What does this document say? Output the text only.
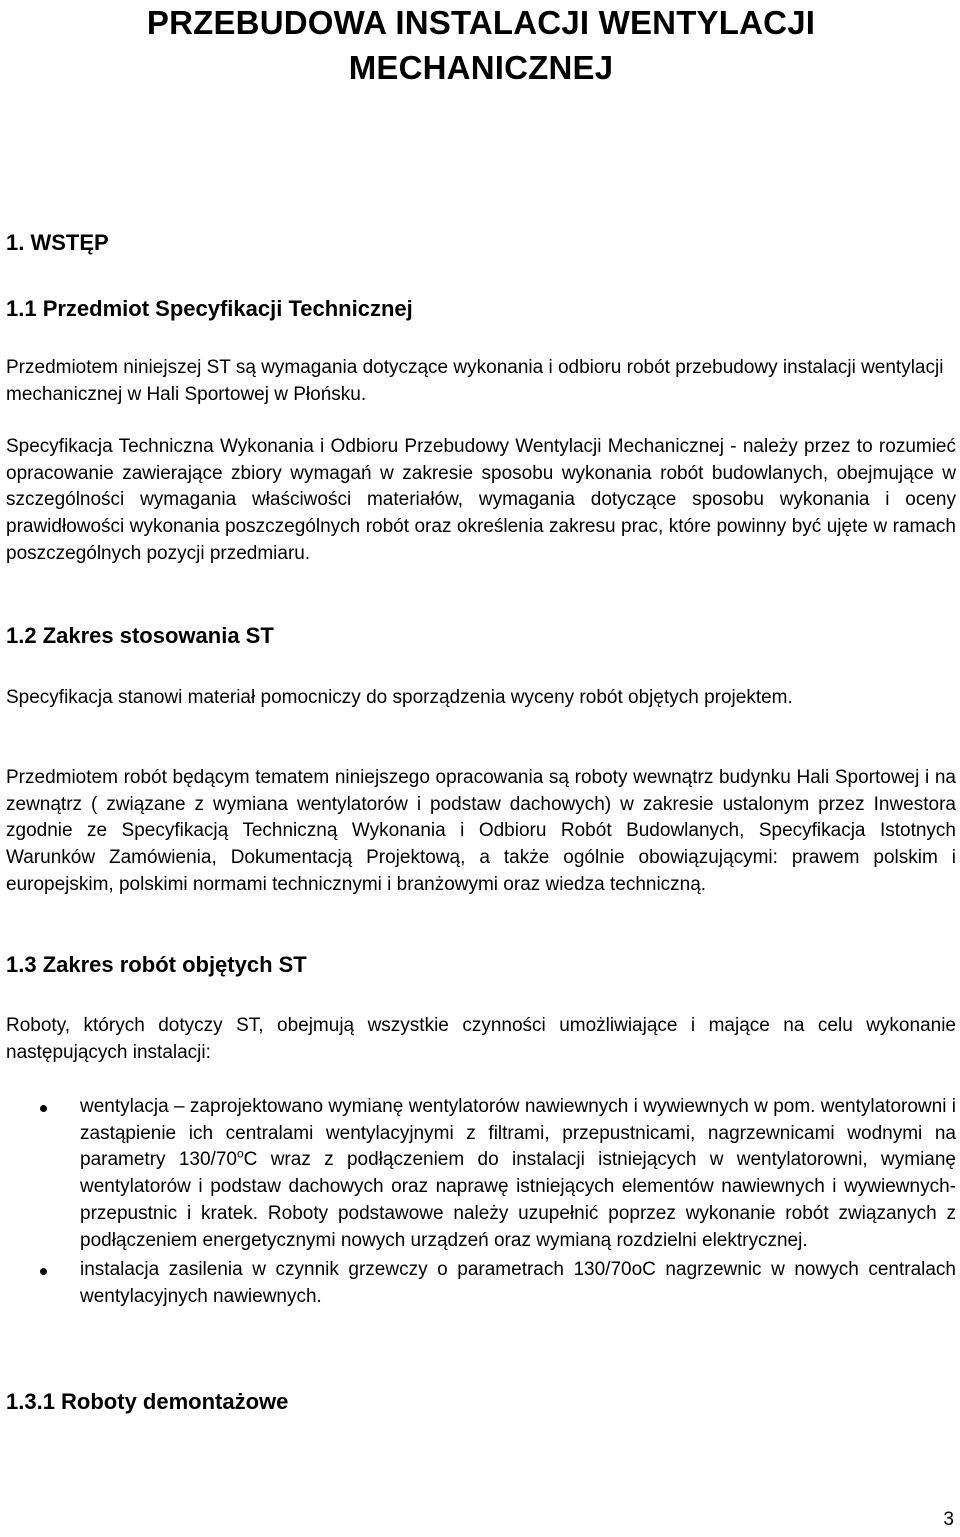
PRZEBUDOWA INSTALACJI WENTYLACJI MECHANICZNEJ
1. WSTĘP
1.1 Przedmiot Specyfikacji Technicznej

Przedmiotem niniejszej ST są wymagania dotyczące wykonania i odbioru robót przebudowy instalacji wentylacji mechanicznej w Hali Sportowej w Płońsku.

Specyfikacja Techniczna Wykonania i Odbioru Przebudowy Wentylacji Mechanicznej - należy przez to rozumieć opracowanie zawierające zbiory wymagań w zakresie sposobu wykonania robót budowlanych, obejmujące w szczególności wymagania właściwości materiałów, wymagania dotyczące sposobu wykonania i oceny prawidłowości wykonania poszczególnych robót oraz określenia zakresu prac, które powinny być ujęte w ramach poszczególnych pozycji przedmiaru.

1.2 Zakres stosowania ST

Specyfikacja stanowi materiał pomocniczy do sporządzenia wyceny robót objętych projektem.

Przedmiotem robót będącym tematem niniejszego opracowania są roboty wewnątrz budynku Hali Sportowej i na zewnątrz ( związane z wymiana wentylatorów i podstaw dachowych) w zakresie ustalonym przez Inwestora zgodnie ze Specyfikacją Techniczną Wykonania i Odbioru Robót Budowlanych, Specyfikacja Istotnych Warunków Zamówienia, Dokumentacją Projektową, a także ogólnie obowiązującymi: prawem polskim i europejskim, polskimi normami technicznymi i branżowymi oraz wiedza techniczną.

1.3 Zakres robót objętych ST

Roboty, których dotyczy ST, obejmują wszystkie czynności umożliwiające i mające na celu wykonanie następujących instalacji:

wentylacja – zaprojektowano wymianę wentylatorów nawiewnych i wywiewnych w pom. wentylatorowni i zastąpienie ich centralami wentylacyjnymi z filtrami, przepustnicami, nagrzewnicami wodnymi na parametry 130/70$^o$C wraz z podłączeniem do instalacji istniejących w wentylatorowni, wymianę wentylatorów i podstaw dachowych oraz naprawę istniejących elementów nawiewnych i wywiewnych- przepustnic i kratek. Roboty podstawowe należy uzupełnić poprzez wykonanie robót związanych z podłączeniem energetycznymi nowych urządzeń oraz wymianą rozdzielni elektrycznej.
instalacja zasilenia w czynnik grzewczy o parametrach 130/70oC nagrzewnic w nowych centralach wentylacyjnych nawiewnych.
1.3.1 Roboty demontażowe
3
